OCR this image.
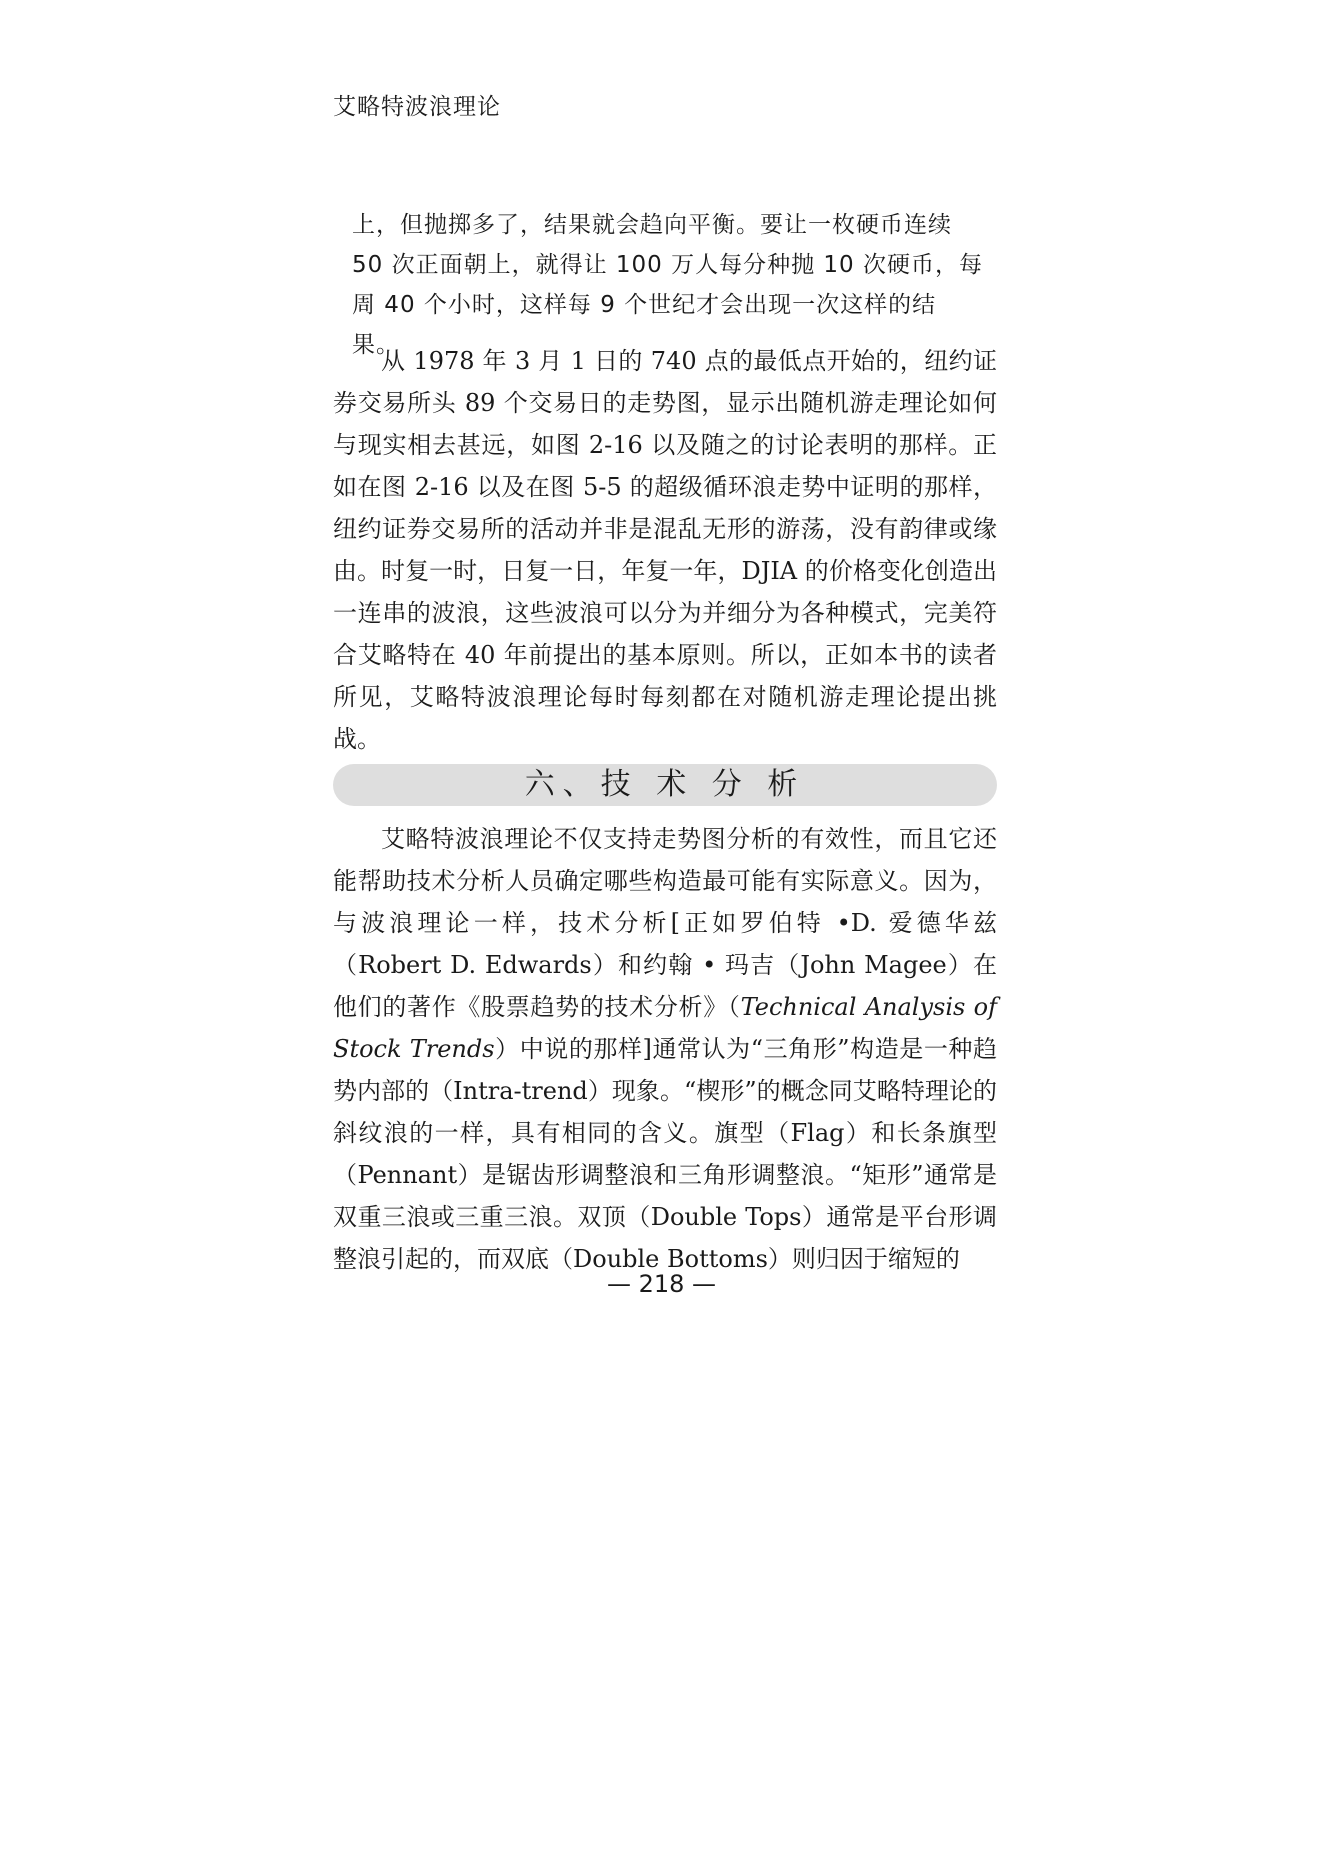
艾略特波浪理论

上，但抛掷多了，结果就会趋向平衡。要让一枚硬币连续 50 次正面朝上，就得让 100 万人每分种抛 10 次硬币，每周 40 个小时，这样每 9 个世纪才会出现一次这样的结果。

从 1978 年 3 月 1 日的 740 点的最低点开始的，纽约证券交易所头 89 个交易日的走势图，显示出随机游走理论如何与现实相去甚远，如图 2-16 以及随之的讨论表明的那样。正如在图 2-16 以及在图 5-5 的超级循环浪走势中证明的那样，纽约证券交易所的活动并非是混乱无形的游荡，没有韵律或缘由。时复一时，日复一日，年复一年，DJIA 的价格变化创造出一连串的波浪，这些波浪可以分为并细分为各种模式，完美符合艾略特在 40 年前提出的基本原则。所以，正如本书的读者所见，艾略特波浪理论每时每刻都在对随机游走理论提出挑战。

六、技 术 分 析

艾略特波浪理论不仅支持走势图分析的有效性，而且它还能帮助技术分析人员确定哪些构造最可能有实际意义。因为，与波浪理论一样，技术分析[正如罗伯特 •D. 爱德华兹（Robert D. Edwards）和约翰 • 玛吉（John Magee）在他们的著作《股票趋势的技术分析》（Technical Analysis of Stock Trends）中说的那样]通常认为“三角形”构造是一种趋势内部的（Intra-trend）现象。“楔形”的概念同艾略特理论的斜纹浪的一样，具有相同的含义。旗型（Flag）和长条旗型（Pennant）是锯齿形调整浪和三角形调整浪。“矩形”通常是双重三浪或三重三浪。双顶（Double Tops）通常是平台形调整浪引起的，而双底（Double Bottoms）则归因于缩短的

— 218 —
